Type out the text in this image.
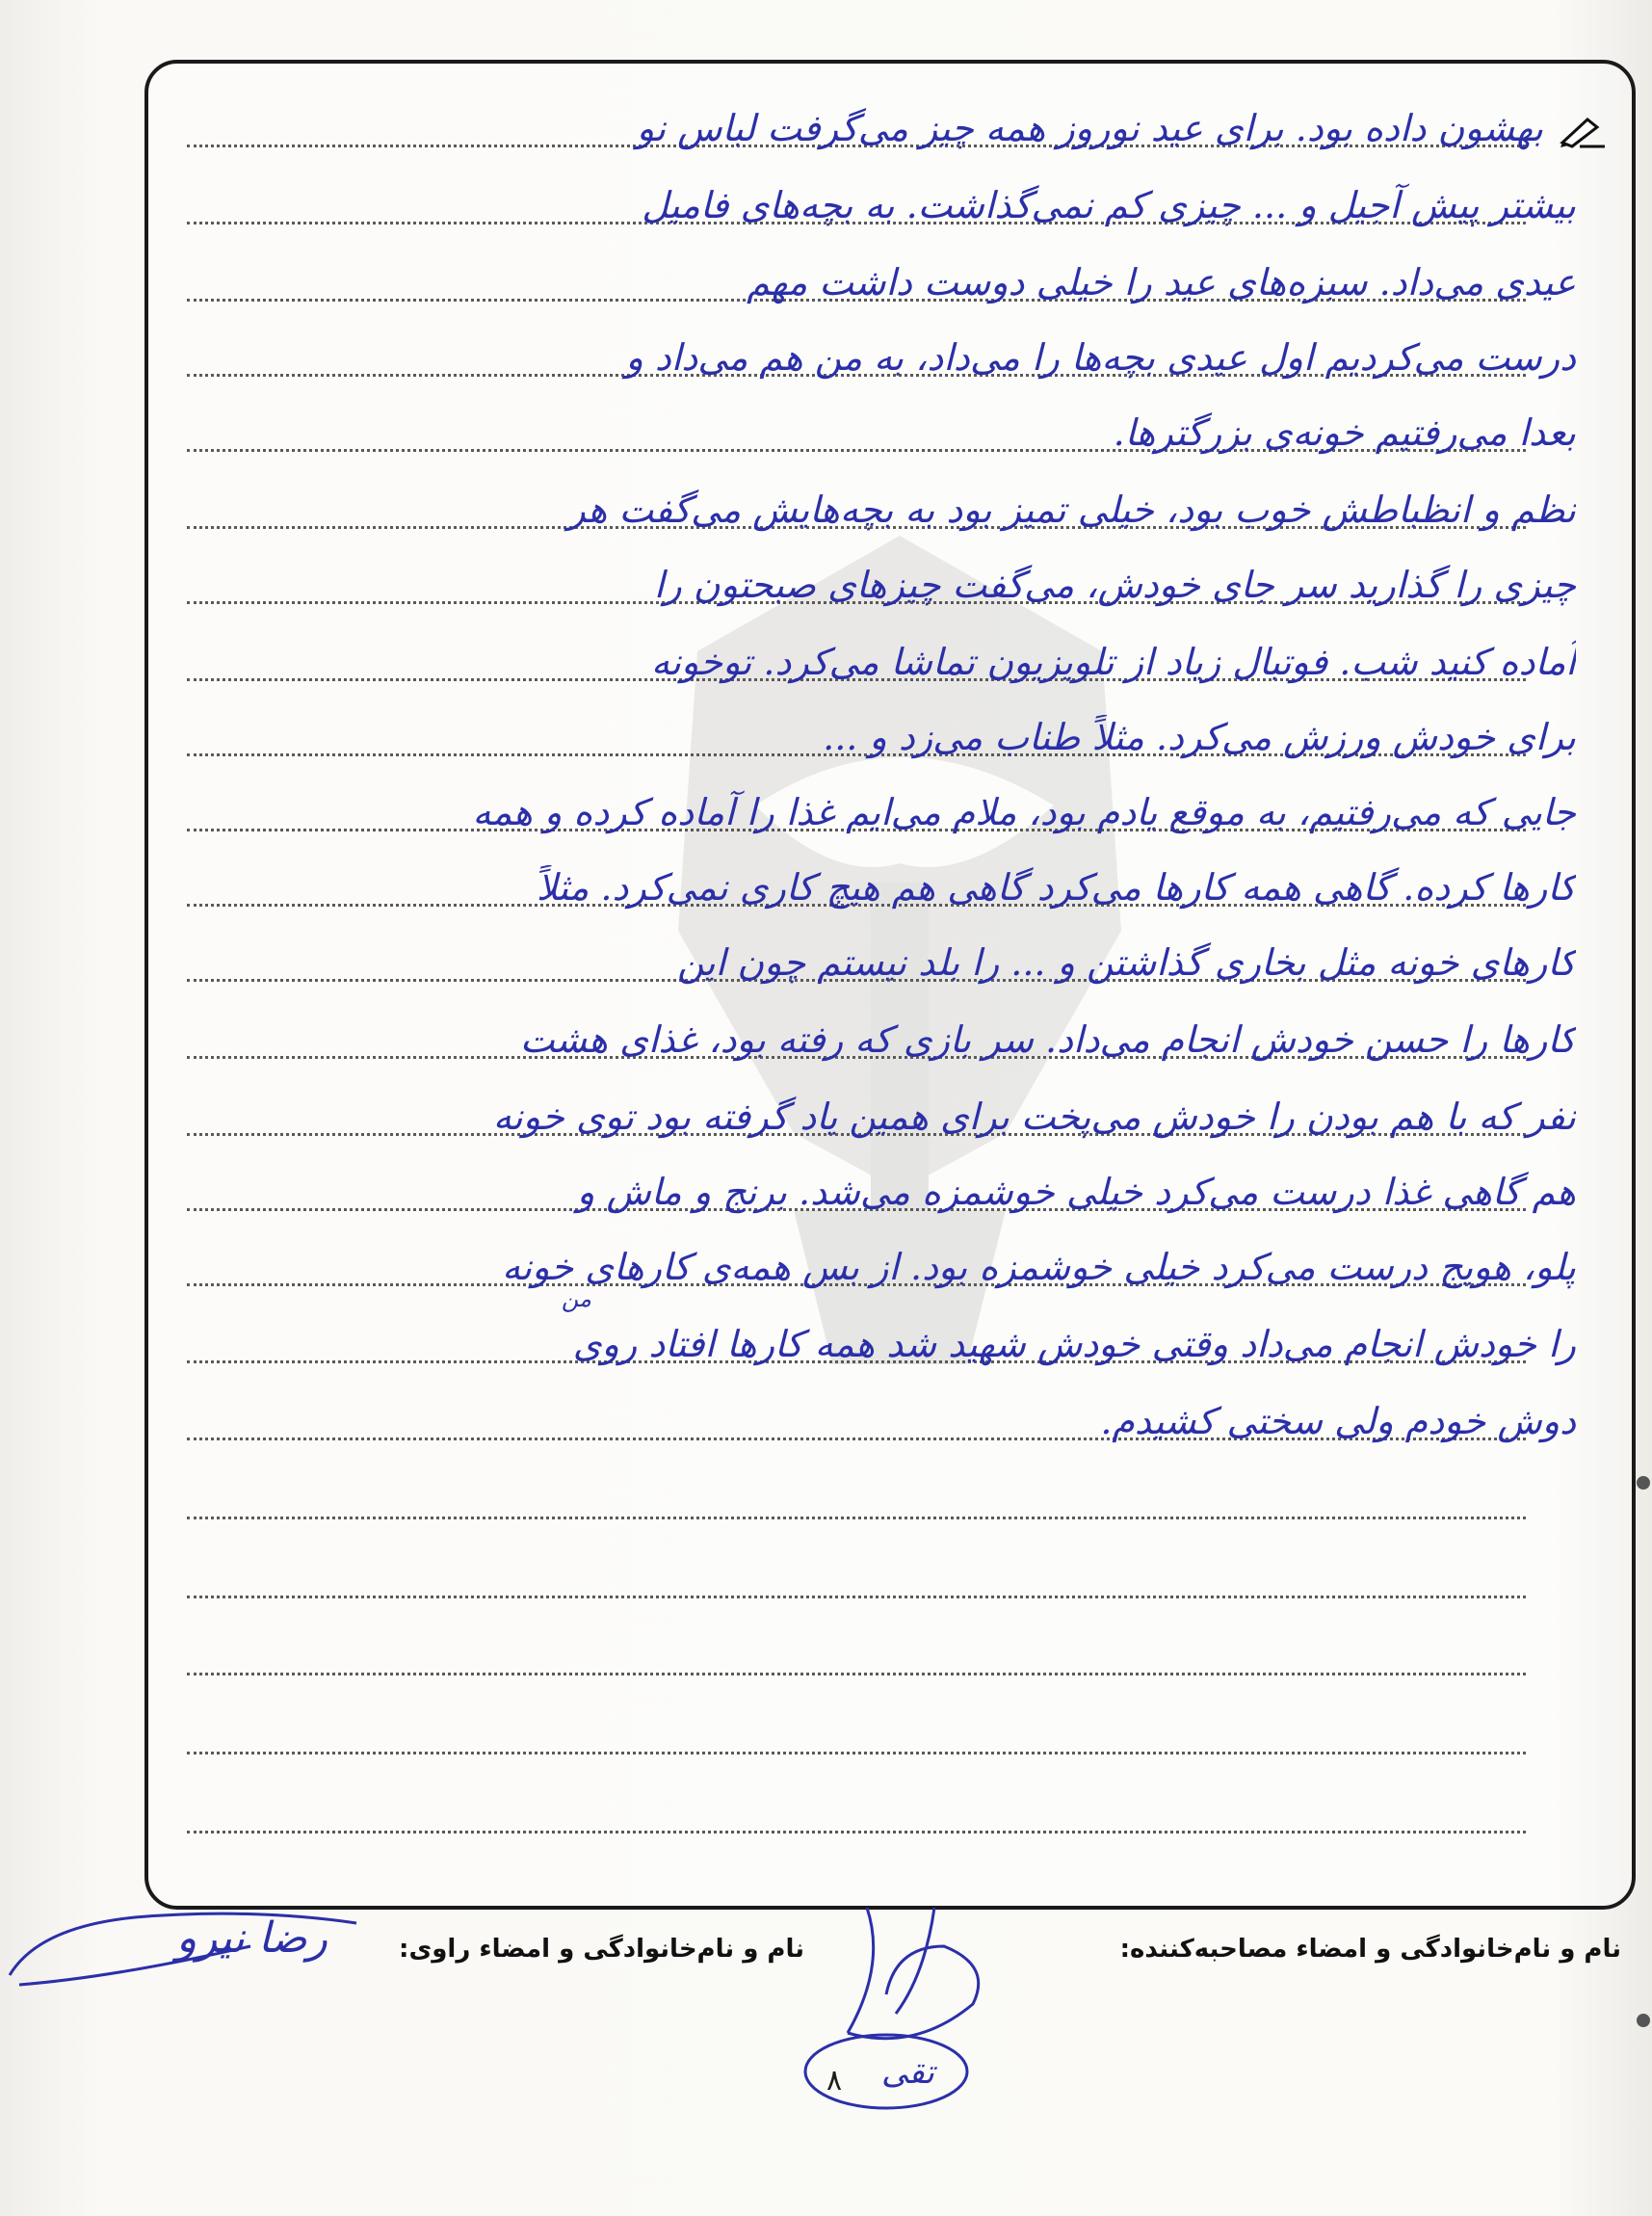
بهشون داده بود. برای عید نوروز همه چیز می‌گرفت لباس نو
بیشتر پیش آجیل و ... چیزی کم نمی‌گذاشت. به بچه‌های فامیل
عیدی می‌داد. سبزه‌های عید را خیلی دوست داشت مهم
درست می‌کردیم اول عیدی بچه‌ها را می‌داد، به من هم می‌داد و
بعدا می‌رفتیم خونه‌ی بزرگترها.
نظم و انظباطش خوب بود، خیلی تمیز بود به بچه‌هایش می‌گفت هر
چیزی را گذارید سر جای خودش، می‌گفت چیزهای صبحتون را
آماده کنید شب. فوتبال زیاد از تلویزیون تماشا می‌کرد. توخونه
برای خودش ورزش می‌کرد. مثلاً طناب می‌زد و ...
جایی که می‌رفتیم، به موقع یادم بود، ملام می‌ایم غذا را آماده کرده و همه
کارها کرده. گاهی همه کارها می‌کرد گاهی هم هیچ کاری نمی‌کرد. مثلاً
کارهای خونه مثل بخاری گذاشتن و ... را بلد نیستم چون این
کارها را حسن خودش انجام می‌داد. سر بازی که رفته بود، غذای هشت
نفر که با هم بودن را خودش می‌پخت برای همین یاد گرفته بود توی خونه
هم گاهی غذا درست می‌کرد خیلی خوشمزه می‌شد. برنج و ماش و
پلو، هویج درست می‌کرد خیلی خوشمزه بود. از بس همه‌ی کارهای خونه
را خودش انجام می‌داد وقتی خودش شهید شد همه کارها افتاد روی
دوش خودم ولی سختی کشیدم.
من
نام و نام‌خانوادگی و امضاء مصاحبه‌کننده:
نام و نام‌خانوادگی و امضاء راوی:
رضا نیرو
تقی
۸
